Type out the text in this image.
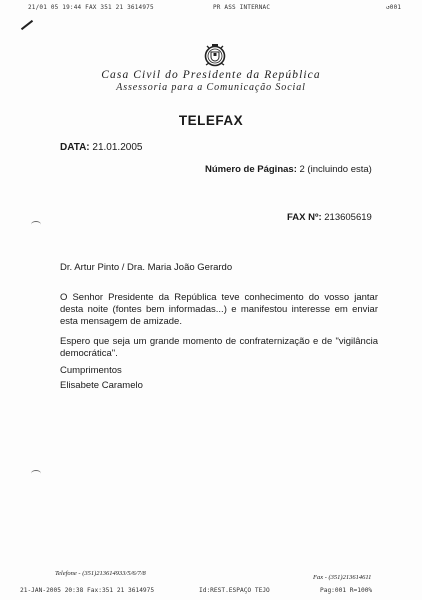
21/01 05 19:44 FAX 351 21 3614975	PR ASS INTERNAC	↺001
Casa Civil do Presidente da República
Assessoria para a Comunicação Social
TELEFAX
DATA: 21.01.2005
Número de Páginas: 2 (incluindo esta)
FAX Nº: 213605619
Dr. Artur Pinto / Dra. Maria João Gerardo
O Senhor Presidente da República teve conhecimento do vosso jantar desta noite (fontes bem informadas...) e manifestou interesse em enviar esta mensagem de amizade.
Espero que seja um grande momento de confraternização e de "vigilância democrática".
Cumprimentos
Elisabete Caramelo
Telefone - (351)213614933/5/6/7/8
Fax - (351)213614611
21-JAN-2005 20:38 Fax:351 21 3614975	Id:REST.ESPAÇO TEJO	Pag:001 R=100%
